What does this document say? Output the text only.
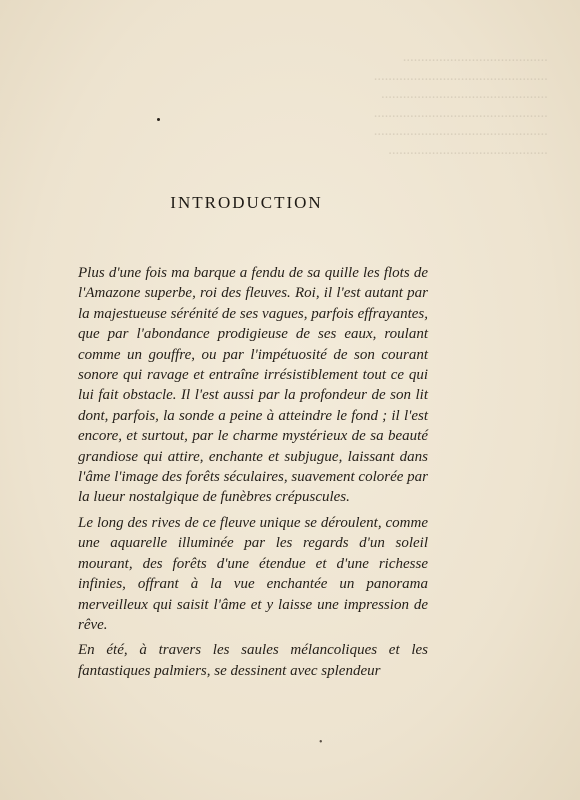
········································
················································
··············································
················································
················································
············································
INTRODUCTION

Plus d'une fois ma barque a fendu de sa quille les flots de l'Amazone superbe, roi des fleuves. Roi, il l'est autant par la majestueuse sérénité de ses vagues, parfois effrayantes, que par l'abondance prodigieuse de ses eaux, roulant comme un gouffre, ou par l'impétuosité de son courant sonore qui ravage et entraîne irrésistiblement tout ce qui lui fait obstacle. Il l'est aussi par la profondeur de son lit dont, parfois, la sonde a peine à atteindre le fond ; il l'est encore, et surtout, par le charme mystérieux de sa beauté grandiose qui attire, enchante et subjugue, laissant dans l'âme l'image des forêts séculaires, suavement colorée par la lueur nostalgique de funèbres crépuscules.

Le long des rives de ce fleuve unique se déroulent, comme une aquarelle illuminée par les regards d'un soleil mourant, des forêts d'une étendue et d'une richesse infinies, offrant à la vue enchantée un panorama merveilleux qui saisit l'âme et y laisse une impression de rêve.

En été, à travers les saules mélancoliques et les fantastiques palmiers, se dessinent avec splendeur

•
